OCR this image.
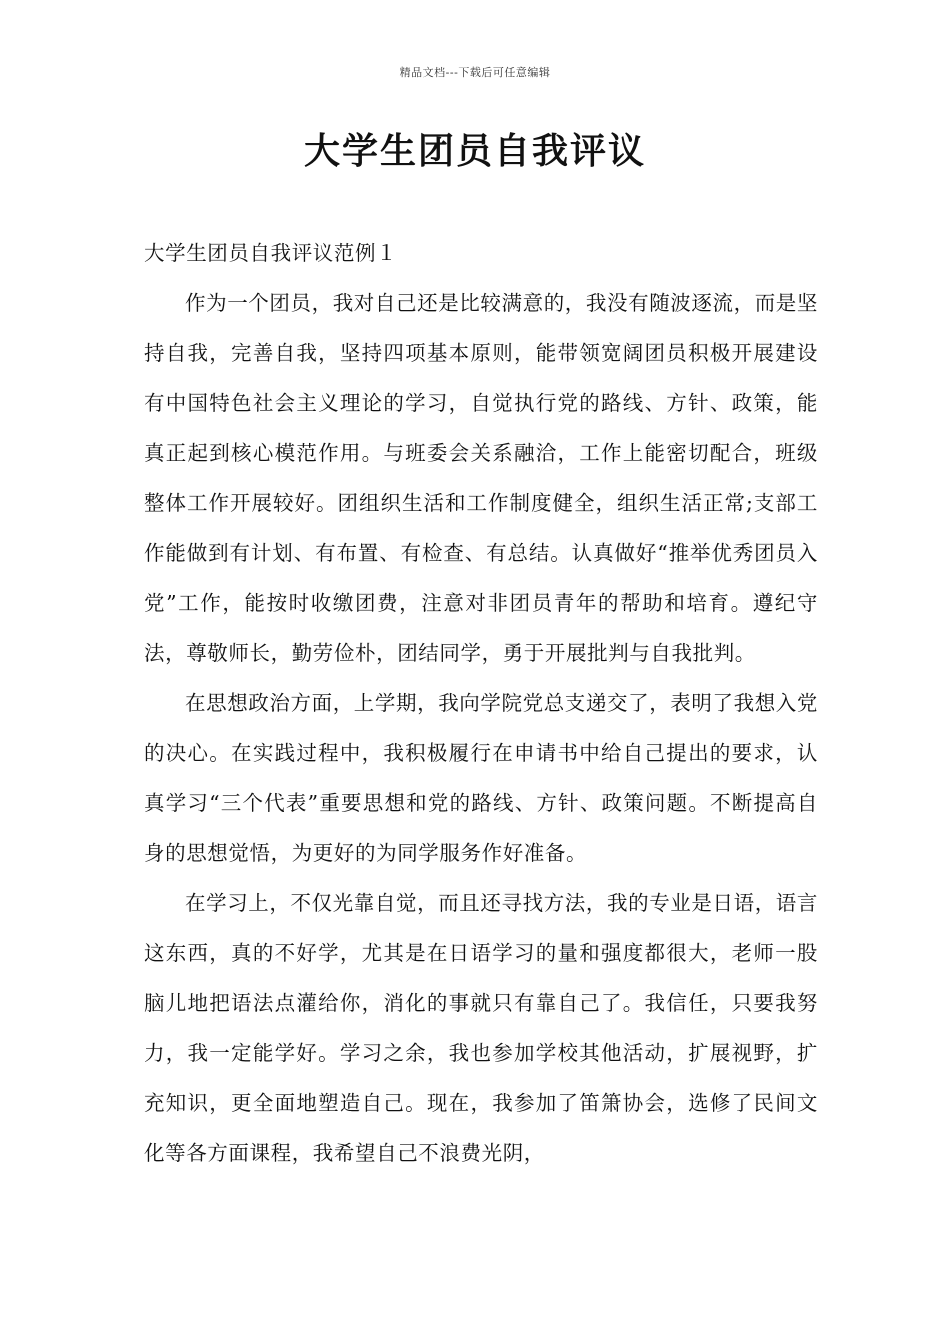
精品文档---下载后可任意编辑
大学生团员自我评议

大学生团员自我评议范例１

作为一个团员，我对自己还是比较满意的，我没有随波逐流，而是坚持自我，完善自我，坚持四项基本原则，能带领宽阔团员积极开展建设有中国特色社会主义理论的学习，自觉执行党的路线、方针、政策，能真正起到核心模范作用。与班委会关系融洽，工作上能密切配合，班级整体工作开展较好。团组织生活和工作制度健全，组织生活正常;支部工作能做到有计划、有布置、有检查、有总结。认真做好“推举优秀团员入党”工作，能按时收缴团费，注意对非团员青年的帮助和培育。遵纪守法，尊敬师长，勤劳俭朴，团结同学，勇于开展批判与自我批判。

在思想政治方面，上学期，我向学院党总支递交了，表明了我想入党的决心。在实践过程中，我积极履行在申请书中给自己提出的要求，认真学习“三个代表”重要思想和党的路线、方针、政策问题。不断提高自身的思想觉悟，为更好的为同学服务作好准备。

在学习上，不仅光靠自觉，而且还寻找方法，我的专业是日语，语言这东西，真的不好学，尤其是在日语学习的量和强度都很大，老师一股脑儿地把语法点灌给你，消化的事就只有靠自己了。我信任，只要我努力，我一定能学好。学习之余，我也参加学校其他活动，扩展视野，扩充知识，更全面地塑造自己。现在，我参加了笛箫协会，选修了民间文化等各方面课程，我希望自己不浪费光阴，
